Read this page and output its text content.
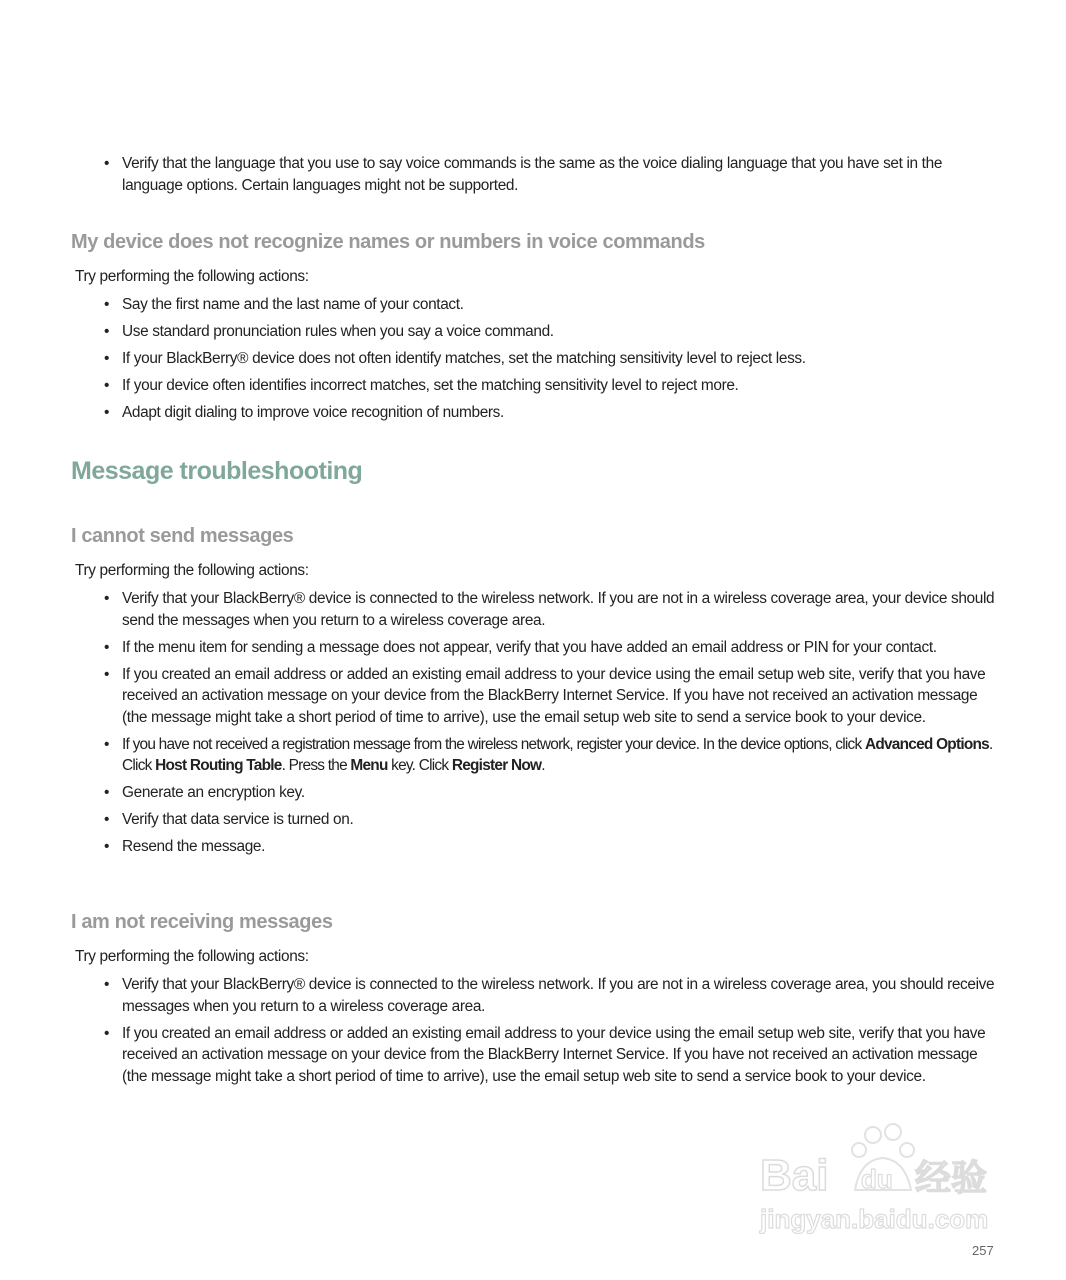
• Verify that the language that you use to say voice commands is the same as the voice dialing language that you have set in the language options. Certain languages might not be supported.
My device does not recognize names or numbers in voice commands
Try performing the following actions:
• Say the first name and the last name of your contact.
• Use standard pronunciation rules when you say a voice command.
• If your BlackBerry® device does not often identify matches, set the matching sensitivity level to reject less.
• If your device often identifies incorrect matches, set the matching sensitivity level to reject more.
• Adapt digit dialing to improve voice recognition of numbers.
Message troubleshooting
I cannot send messages
Try performing the following actions:
• Verify that your BlackBerry® device is connected to the wireless network. If you are not in a wireless coverage area, your device should send the messages when you return to a wireless coverage area.
• If the menu item for sending a message does not appear, verify that you have added an email address or PIN for your contact.
• If you created an email address or added an existing email address to your device using the email setup web site, verify that you have received an activation message on your device from the BlackBerry Internet Service. If you have not received an activation message (the message might take a short period of time to arrive), use the email setup web site to send a service book to your device.
• If you have not received a registration message from the wireless network, register your device. In the device options, click Advanced Options. Click Host Routing Table. Press the Menu key. Click Register Now.
• Generate an encryption key.
• Verify that data service is turned on.
• Resend the message.
I am not receiving messages
Try performing the following actions:
• Verify that your BlackBerry® device is connected to the wireless network. If you are not in a wireless coverage area, you should receive messages when you return to a wireless coverage area.
• If you created an email address or added an existing email address to your device using the email setup web site, verify that you have received an activation message on your device from the BlackBerry Internet Service. If you have not received an activation message (the message might take a short period of time to arrive), use the email setup web site to send a service book to your device.
Bai du 经验
jingyan.baidu.com
257
